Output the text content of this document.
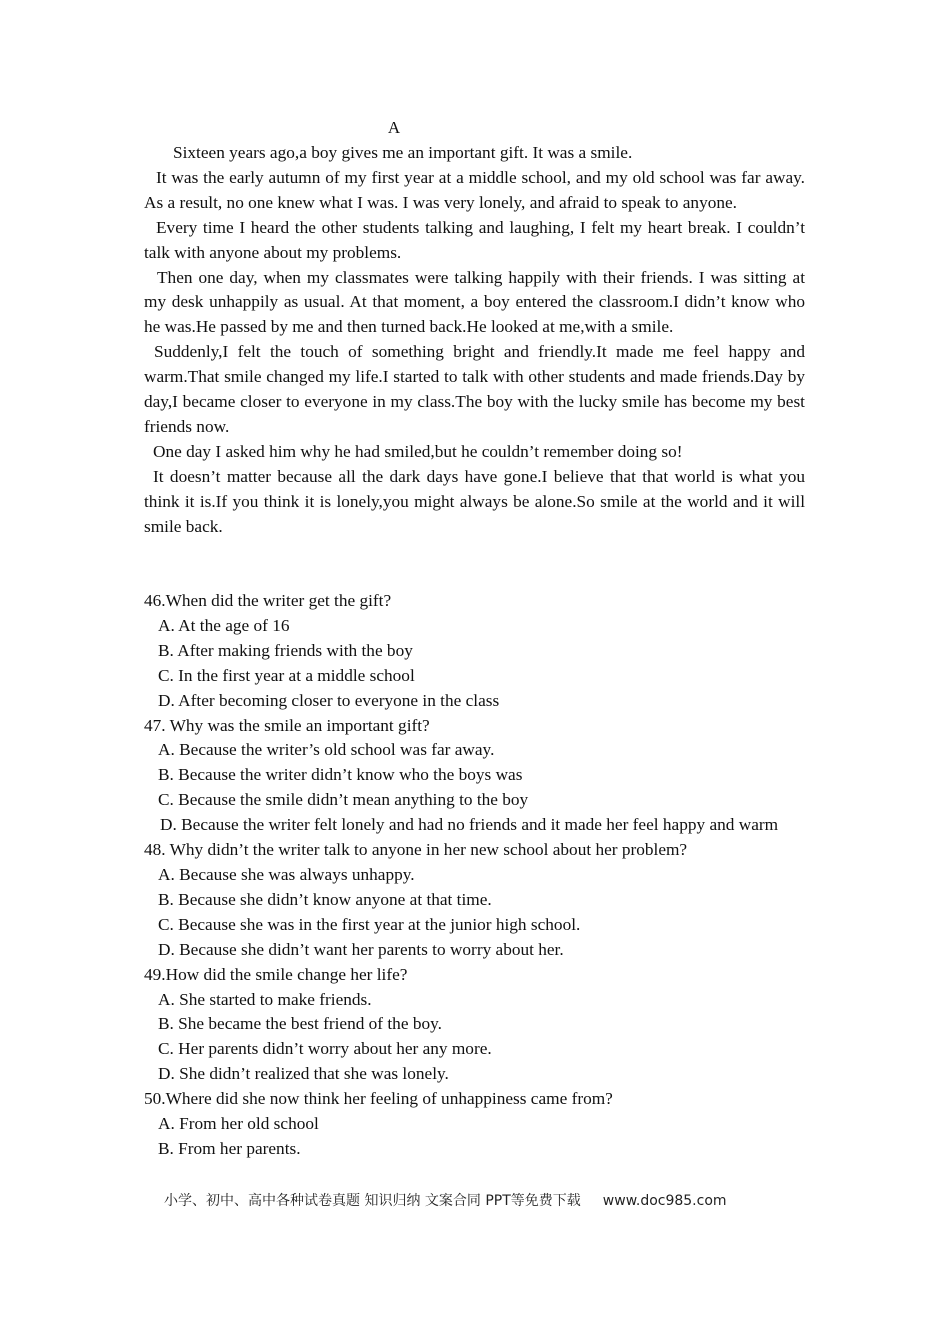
A

Sixteen years ago,a boy gives me an important gift. It was a smile.

It was the early autumn of my first year at a middle school, and my old school was far away. As a result, no one knew what I was. I was very lonely, and afraid to speak to anyone.

Every time I heard the other students talking and laughing, I felt my heart break. I couldn’t talk with anyone about my problems.

Then one day, when my classmates were talking happily with their friends. I was sitting at my desk unhappily as usual. At that moment, a boy entered the classroom.I didn’t know who he was.He passed by me and then turned back.He looked at me,with a smile.

Suddenly,I felt the touch of something bright and friendly.It made me feel happy and warm.That smile changed my life.I started to talk with other students and made friends.Day by day,I became closer to everyone in my class.The boy with the lucky smile has become my best friends now.

One day I asked him why he had smiled,but he couldn’t remember doing so!

It doesn’t matter because all the dark days have gone.I believe that that world is what you think it is.If you think it is lonely,you might always be alone.So smile at the world and it will smile back.

46.When did the writer get the gift?
A. At the age of 16
B. After making friends with the boy
C. In the first year at a middle school
D. After becoming closer to everyone in the class
47. Why was the smile an important gift?
A. Because the writer’s old school was far away.
B. Because the writer didn’t know who the boys was
C. Because the smile didn’t mean anything to the boy
D. Because the writer felt lonely and had no friends and it made her feel happy and warm
48. Why didn’t the writer talk to anyone in her new school about her problem?
A. Because she was always unhappy.
B. Because she didn’t know anyone at that time.
C. Because she was in the first year at the junior high school.
D. Because she didn’t want her parents to worry about her.
49.How did the smile change her life?
A. She started to make friends.
B. She became the best friend of the boy.
C. Her parents didn’t worry about her any more.
D. She didn’t realized that she was lonely.
50.Where did she now think her feeling of unhappiness came from?
A. From her old school
B. From her parents.
小学、初中、高中各种试卷真题 知识归纳 文案合同 PPT等免费下载 www.doc985.com
